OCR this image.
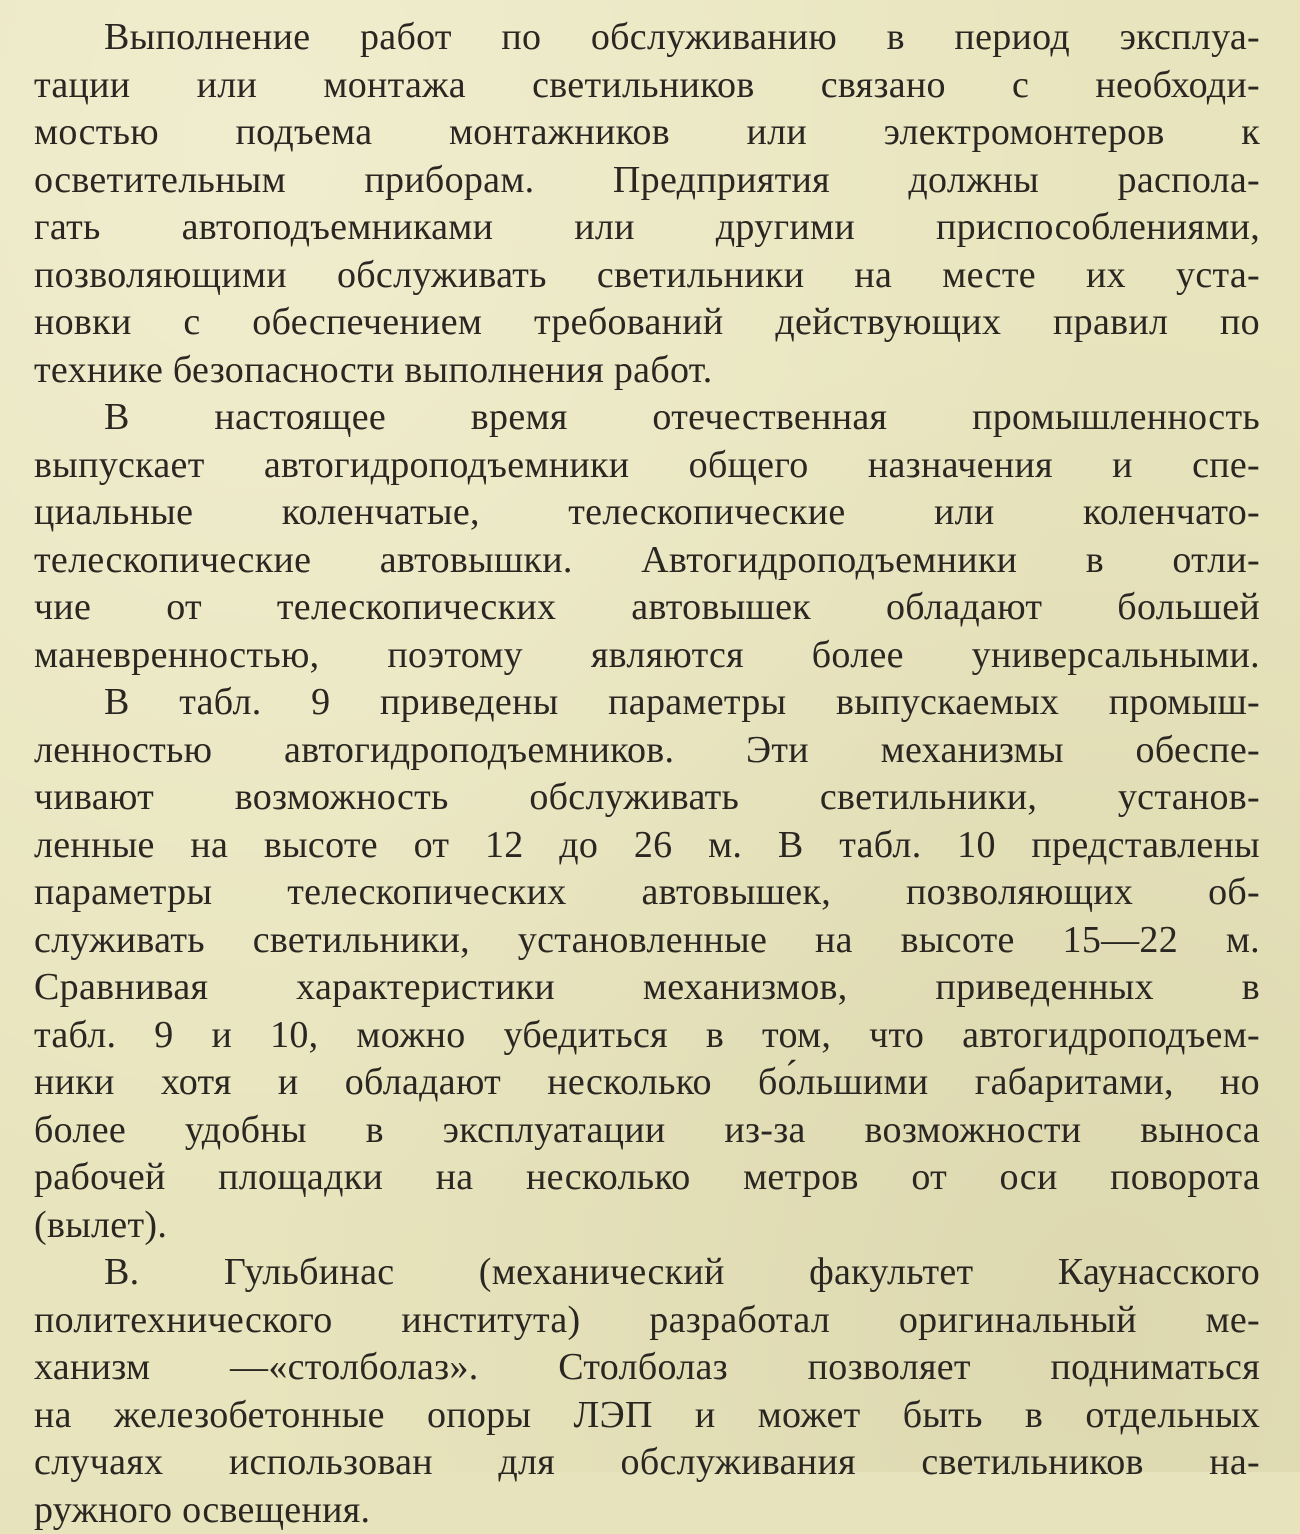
Выполнение работ по обслуживанию в период эксплуа-
тации или монтажа светильников связано с необходи-
мостью подъема монтажников или электромонтеров к
осветительным приборам. Предприятия должны распола-
гать автоподъемниками или другими приспособлениями,
позволяющими обслуживать светильники на месте их уста-
новки с обеспечением требований действующих правил по
технике безопасности выполнения работ.
В настоящее время отечественная промышленность
выпускает автогидроподъемники общего назначения и спе-
циальные коленчатые, телескопические или коленчато-
телескопические автовышки. Автогидроподъемники в отли-
чие от телескопических автовышек обладают большей
маневренностью, поэтому являются более универсальными.
В табл. 9 приведены параметры выпускаемых промыш-
ленностью автогидроподъемников. Эти механизмы обеспе-
чивают возможность обслуживать светильники, установ-
ленные на высоте от 12 до 26 м. В табл. 10 представлены
параметры телескопических автовышек, позволяющих об-
служивать светильники, установленные на высоте 15—22 м.
Сравнивая характеристики механизмов, приведенных в
табл. 9 и 10, можно убедиться в том, что автогидроподъем-
ники хотя и обладают несколько бо́льшими габаритами, но
более удобны в эксплуатации из-за возможности выноса
рабочей площадки на несколько метров от оси поворота
(вылет).
В. Гульбинас (механический факультет Каунасского
политехнического института) разработал оригинальный ме-
ханизм —«столболаз». Столболаз позволяет подниматься
на железобетонные опоры ЛЭП и может быть в отдельных
случаях использован для обслуживания светильников на-
ружного освещения.
